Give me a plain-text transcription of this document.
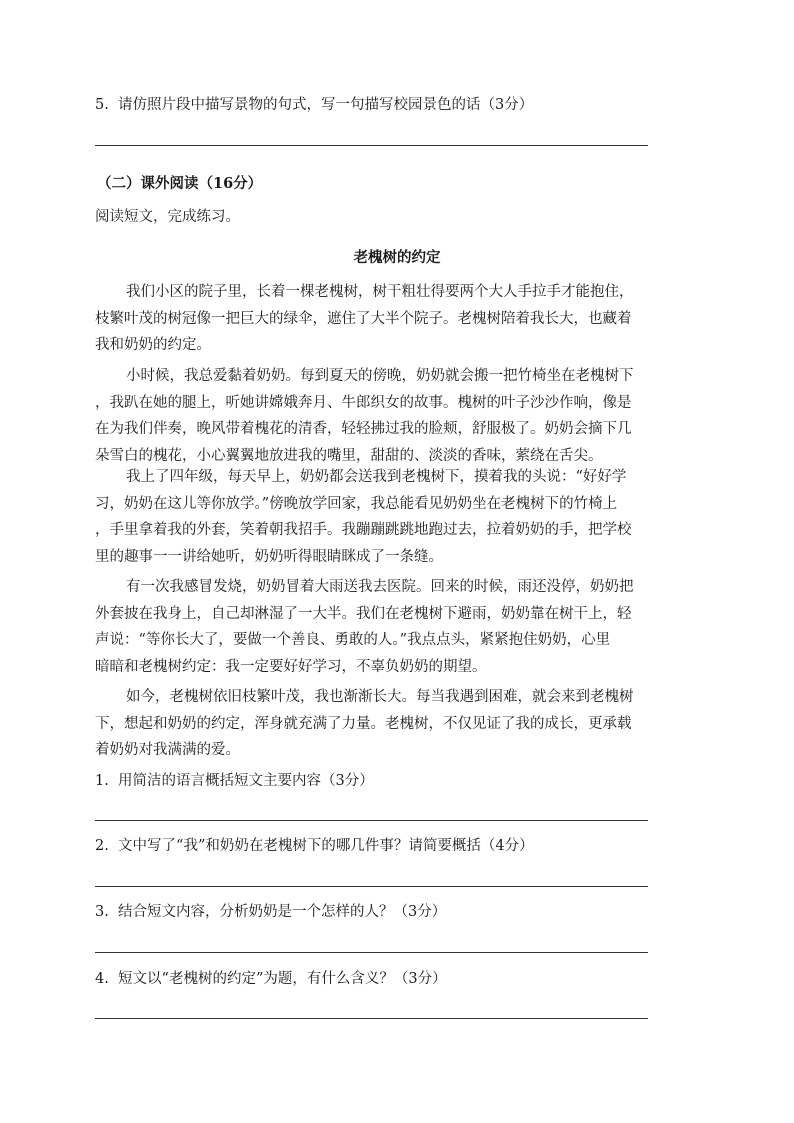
5.  请仿照片段中描写景物的句式，写一句描写校园景色的话（3分）
（二）课外阅读（16分）
阅读短文，完成练习。
老槐树的约定
我们小区的院子里，长着一棵老槐树，树干粗壮得要两个大人手拉手才能抱住，
枝繁叶茂的树冠像一把巨大的绿伞，遮住了大半个院子。老槐树陪着我长大，也藏着
我和奶奶的约定。
小时候，我总爱黏着奶奶。每到夏天的傍晚，奶奶就会搬一把竹椅坐在老槐树下
，我趴在她的腿上，听她讲嫦娥奔月、牛郎织女的故事。槐树的叶子沙沙作响，像是
在为我们伴奏，晚风带着槐花的清香，轻轻拂过我的脸颊，舒服极了。奶奶会摘下几
朵雪白的槐花，小心翼翼地放进我的嘴里，甜甜的、淡淡的香味，萦绕在舌尖。
我上了四年级，每天早上，奶奶都会送我到老槐树下，摸着我的头说：“好好学
习，奶奶在这儿等你放学。”傍晚放学回家，我总能看见奶奶坐在老槐树下的竹椅上
，手里拿着我的外套，笑着朝我招手。我蹦蹦跳跳地跑过去，拉着奶奶的手，把学校
里的趣事一一讲给她听，奶奶听得眼睛眯成了一条缝。
有一次我感冒发烧，奶奶冒着大雨送我去医院。回来的时候，雨还没停，奶奶把
外套披在我身上，自己却淋湿了一大半。我们在老槐树下避雨，奶奶靠在树干上，轻
声说：“等你长大了，要做一个善良、勇敢的人。”我点点头，紧紧抱住奶奶，心里
暗暗和老槐树约定：我一定要好好学习，不辜负奶奶的期望。
如今，老槐树依旧枝繁叶茂，我也渐渐长大。每当我遇到困难，就会来到老槐树
下，想起和奶奶的约定，浑身就充满了力量。老槐树，不仅见证了我的成长，更承载
着奶奶对我满满的爱。
1.  用简洁的语言概括短文主要内容（3分）
2.  文中写了“我”和奶奶在老槐树下的哪几件事？请简要概括（4分）
3.  结合短文内容，分析奶奶是一个怎样的人？（3分）
4.  短文以“老槐树的约定”为题，有什么含义？（3分）
